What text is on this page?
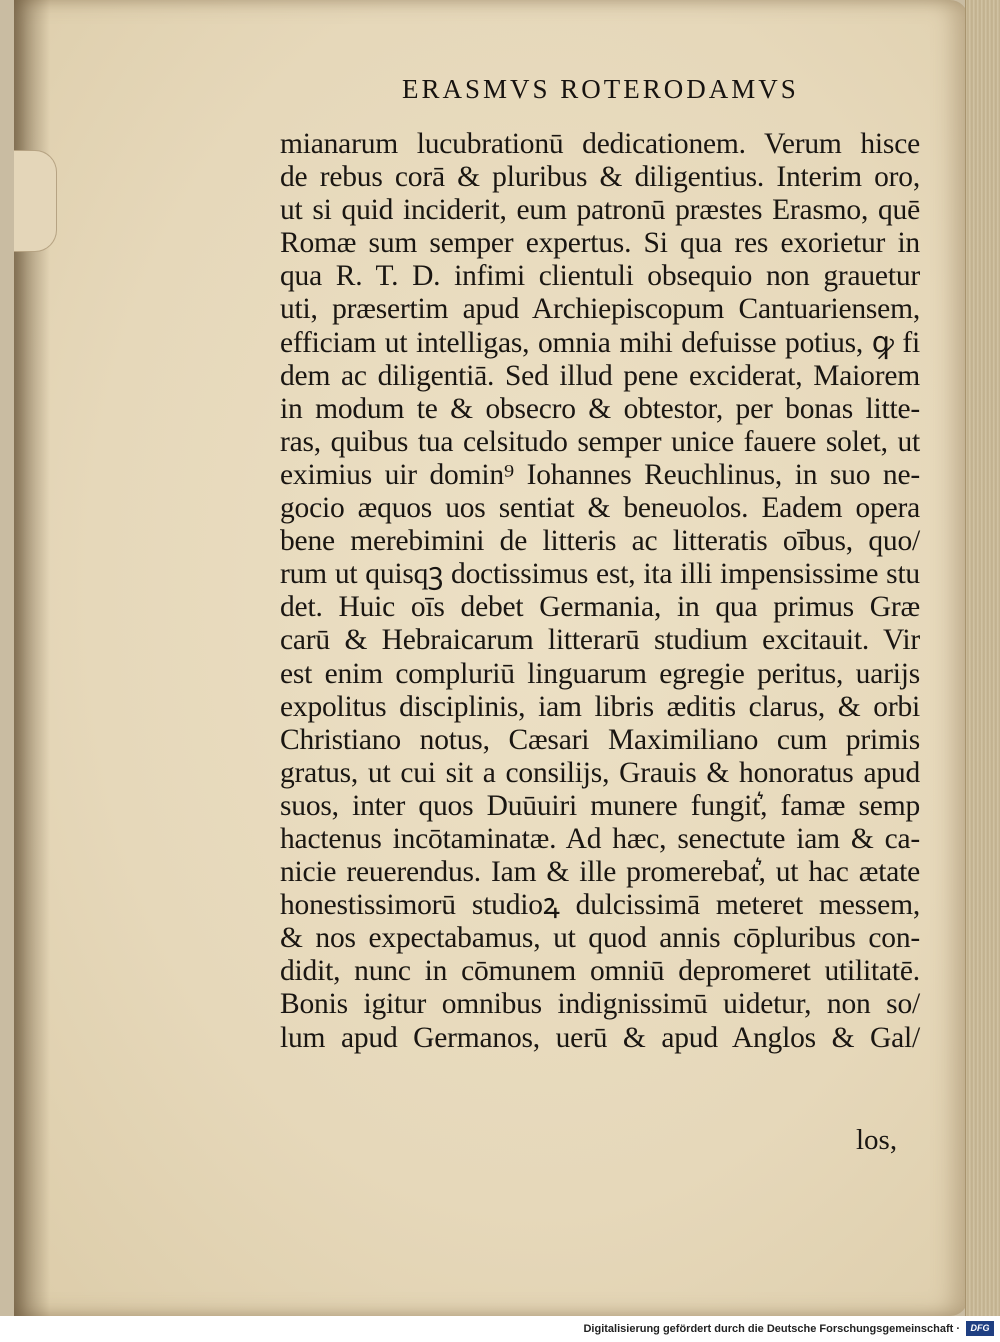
ERASMVS ROTERODAMVS
mianarum lucubrationū dedicationem. Verum hisce
de rebus corā & pluribus & diligentius. Interim oro,
ut si quid inciderit, eum patronū præstes Erasmo, quē
Romæ sum semper expertus. Si qua res exorietur in
qua R. T. D. infimi clientuli obsequio non grauetur
uti, præsertim apud Archiepiscopum Cantuariensem,
efficiam ut intelligas, omnia mihi defuisse potius, ꝙ fi
dem ac diligentiā. Sed illud pene exciderat, Maiorem
in modum te & obsecro & obtestor, per bonas litte-
ras, quibus tua celsitudo semper unice fauere solet, ut
eximius uir domin⁹ Iohannes Reuchlinus, in suo ne-
gocio æquos uos sentiat & beneuolos. Eadem opera
bene merebimini de litteris ac litteratis oībus, quo/
rum ut quisqꝫ doctissimus est, ita illi impensissime stu
det. Huic oīs debet Germania, in qua primus Græ
carū & Hebraicarum litterarū studium excitauit. Vir
est enim compluriū linguarum egregie peritus, uarijs
expolitus disciplinis, iam libris æditis clarus, & orbi
Christiano notus, Cæsari Maximiliano cum primis
gratus, ut cui sit a consilijs, Grauis & honoratus apud
suos, inter quos Duūuiri munere fungit͛, famæ semp
hactenus incōtaminatæ. Ad hæc, senectute iam & ca-
nicie reuerendus. Iam & ille promerebat͛, ut hac ætate
honestissimorū studioꝝ dulcissimā meteret messem,
& nos expectabamus, ut quod annis cōpluribus con-
didit, nunc in cōmunem omniū depromeret utilitatē.
Bonis igitur omnibus indignissimū uidetur, non so/
lum apud Germanos, uerū & apud Anglos & Gal/
los,
Digitalisierung gefördert durch die Deutsche Forschungsgemeinschaft ·	DFG
